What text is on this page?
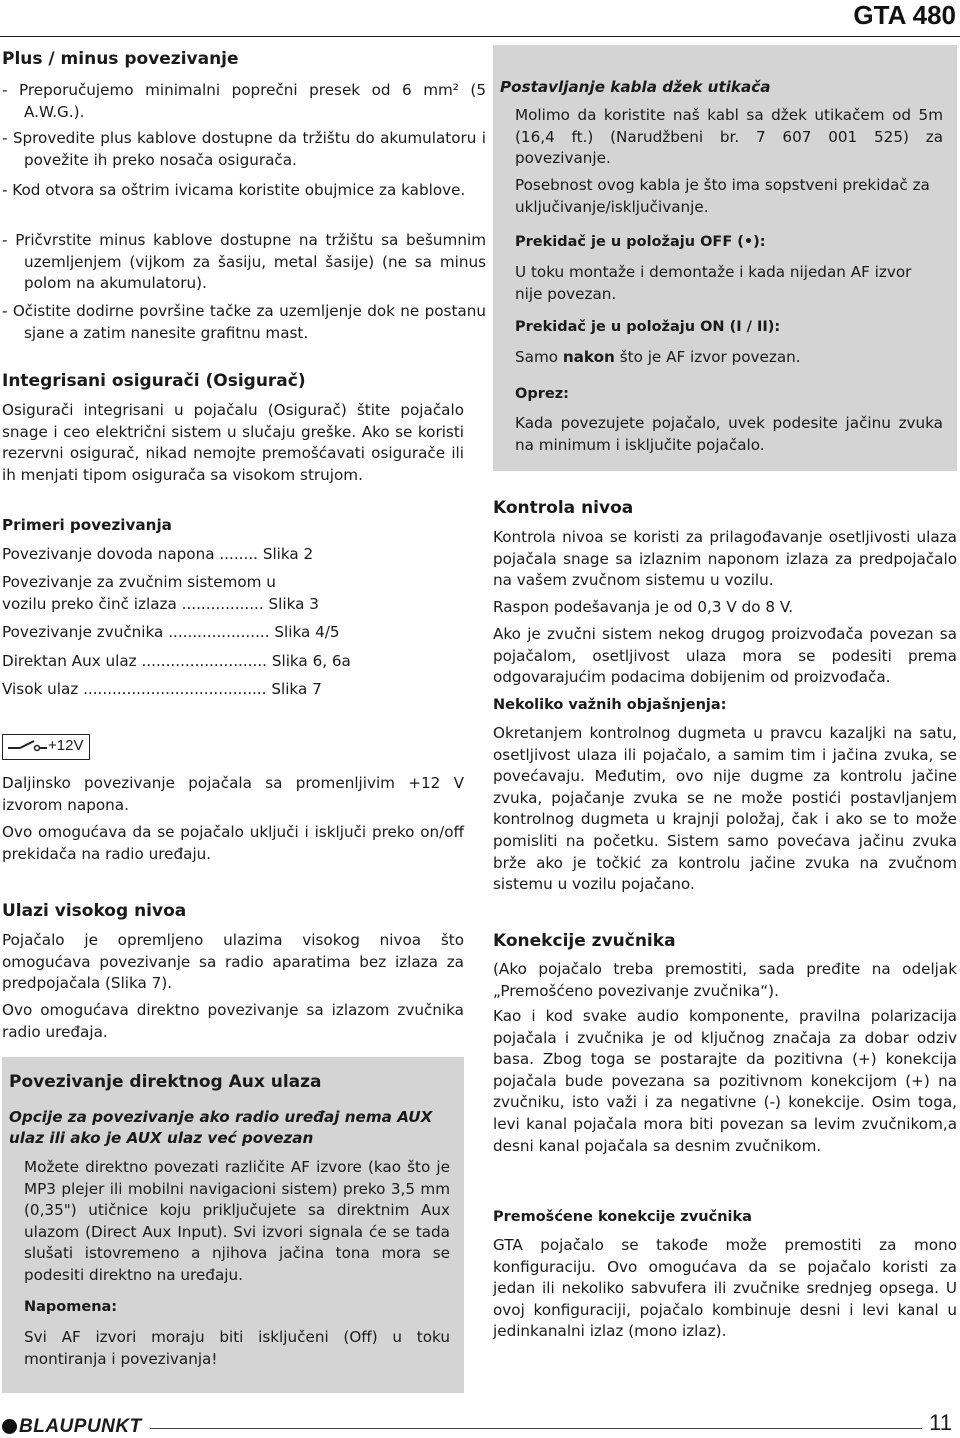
GTA 480
Plus / minus povezivanje

- Preporučujemo minimalni poprečni presek od 6 mm² (5 A.W.G.).

- Sprovedite plus kablove dostupne da tržištu do akumulatoru i povežite ih preko nosača osigurača.

- Kod otvora sa oštrim ivicama koristite obujmice za kablove.

- Pričvrstite minus kablove dostupne na tržištu sa bešumnim uzemljenjem (vijkom za šasiju, metal šasije) (ne sa minus polom na akumulatoru).

- Očistite dodirne površine tačke za uzemljenje dok ne postanu sjane a zatim nanesite grafitnu mast.

Integrisani osigurači (Osigurač)

Osigurači integrisani u pojačalu (Osigurač) štite pojačalo snage i ceo električni sistem u slučaju greške. Ako se koristi rezervni osigurač, nikad nemojte premošćavati osigurače ili ih menjati tipom osigurača sa visokom strujom.

Primeri povezivanja
Povezivanje dovoda napona ........ Slika 2
Povezivanje za zvučnim sistemom u
vozilu preko činč izlaza ................. Slika 3
Povezivanje zvučnika ..................... Slika 4/5
Direktan Aux ulaz .......................... Slika 6, 6a
Visok ulaz ...................................... Slika 7
+12V

Daljinsko povezivanje pojačala sa promenljivim +12 V izvorom napona.

Ovo omogućava da se pojačalo uključi i isključi preko on/off prekidača na radio uređaju.

Ulazi visokog nivoa

Pojačalo je opremljeno ulazima visokog nivoa što omogućava povezivanje sa radio aparatima bez izlaza za predpojačala (Slika 7).

Ovo omogućava direktno povezivanje sa izlazom zvučnika radio uređaja.

Povezivanje direktnog Aux ulaza
Opcije za povezivanje ako radio uređaj nema AUX ulaz ili ako je AUX ulaz već povezan
Možete direktno povezati različite AF izvore (kao što je MP3 plejer ili mobilni navigacioni sistem) preko 3,5 mm (0,35") utičnice koju priključujete sa direktnim Aux ulazom (Direct Aux Input). Svi izvori signala će se tada slušati istovremeno a njihova jačina tona mora se podesiti direktno na uređaju.
Napomena:
Svi AF izvori moraju biti isključeni (Off) u toku montiranja i povezivanja!
Postavljanje kabla džek utikača
Molimo da koristite naš kabl sa džek utikačem od 5m (16,4 ft.) (Narudžbeni br. 7 607 001 525) za povezivanje.
Posebnost ovog kabla je što ima sopstveni prekidač za uključivanje/isključivanje.
Prekidač je u položaju OFF (•):
U toku montaže i demontaže i kada nijedan AF izvor nije povezan.
Prekidač je u položaju ON (I / II):
Samo nakon što je AF izvor povezan.
Oprez:
Kada povezujete pojačalo, uvek podesite jačinu zvuka na minimum i isključite pojačalo.
Kontrola nivoa

Kontrola nivoa se koristi za prilagođavanje osetljivosti ulaza pojačala snage sa izlaznim naponom izlaza za predpojačalo na vašem zvučnom sistemu u vozilu.

Raspon podešavanja je od 0,3 V do 8 V.

Ako je zvučni sistem nekog drugog proizvođača povezan sa pojačalom, osetljivost ulaza mora se podesiti prema odgovarajućim podacima dobijenim od proizvođača.

Nekoliko važnih objašnjenja:

Okretanjem kontrolnog dugmeta u pravcu kazaljki na satu, osetljivost ulaza ili pojačalo, a samim tim i jačina zvuka, se povećavaju. Međutim, ovo nije dugme za kontrolu jačine zvuka, pojačanje zvuka se ne može postići postavljanjem kontrolnog dugmeta u krajnji položaj, čak i ako se to može pomisliti na početku. Sistem samo povećava jačinu zvuka brže ako je točkić za kontrolu jačine zvuka na zvučnom sistemu u vozilu pojačano.

Konekcije zvučnika

(Ako pojačalo treba premostiti, sada pređite na odeljak „Premošćeno povezivanje zvučnika“).

Kao i kod svake audio komponente, pravilna polarizacija pojačala i zvučnika je od ključnog značaja za dobar odziv basa. Zbog toga se postarajte da pozitivna (+) konekcija pojačala bude povezana sa pozitivnom konekcijom (+) na zvučniku, isto važi i za negativne (-) konekcije. Osim toga, levi kanal pojačala mora biti povezan sa levim zvučnikom,a desni kanal pojačala sa desnim zvučnikom.

Premošćene konekcije zvučnika

GTA pojačalo se takođe može premostiti za mono konfiguraciju. Ovo omogućava da se pojačalo koristi za jedan ili nekoliko sabvufera ili zvučnike srednjeg opsega. U ovoj konfiguraciji, pojačalo kombinuje desni i levi kanal u jedinkanalni izlaz (mono izlaz).

BLAUPUNKT	11
